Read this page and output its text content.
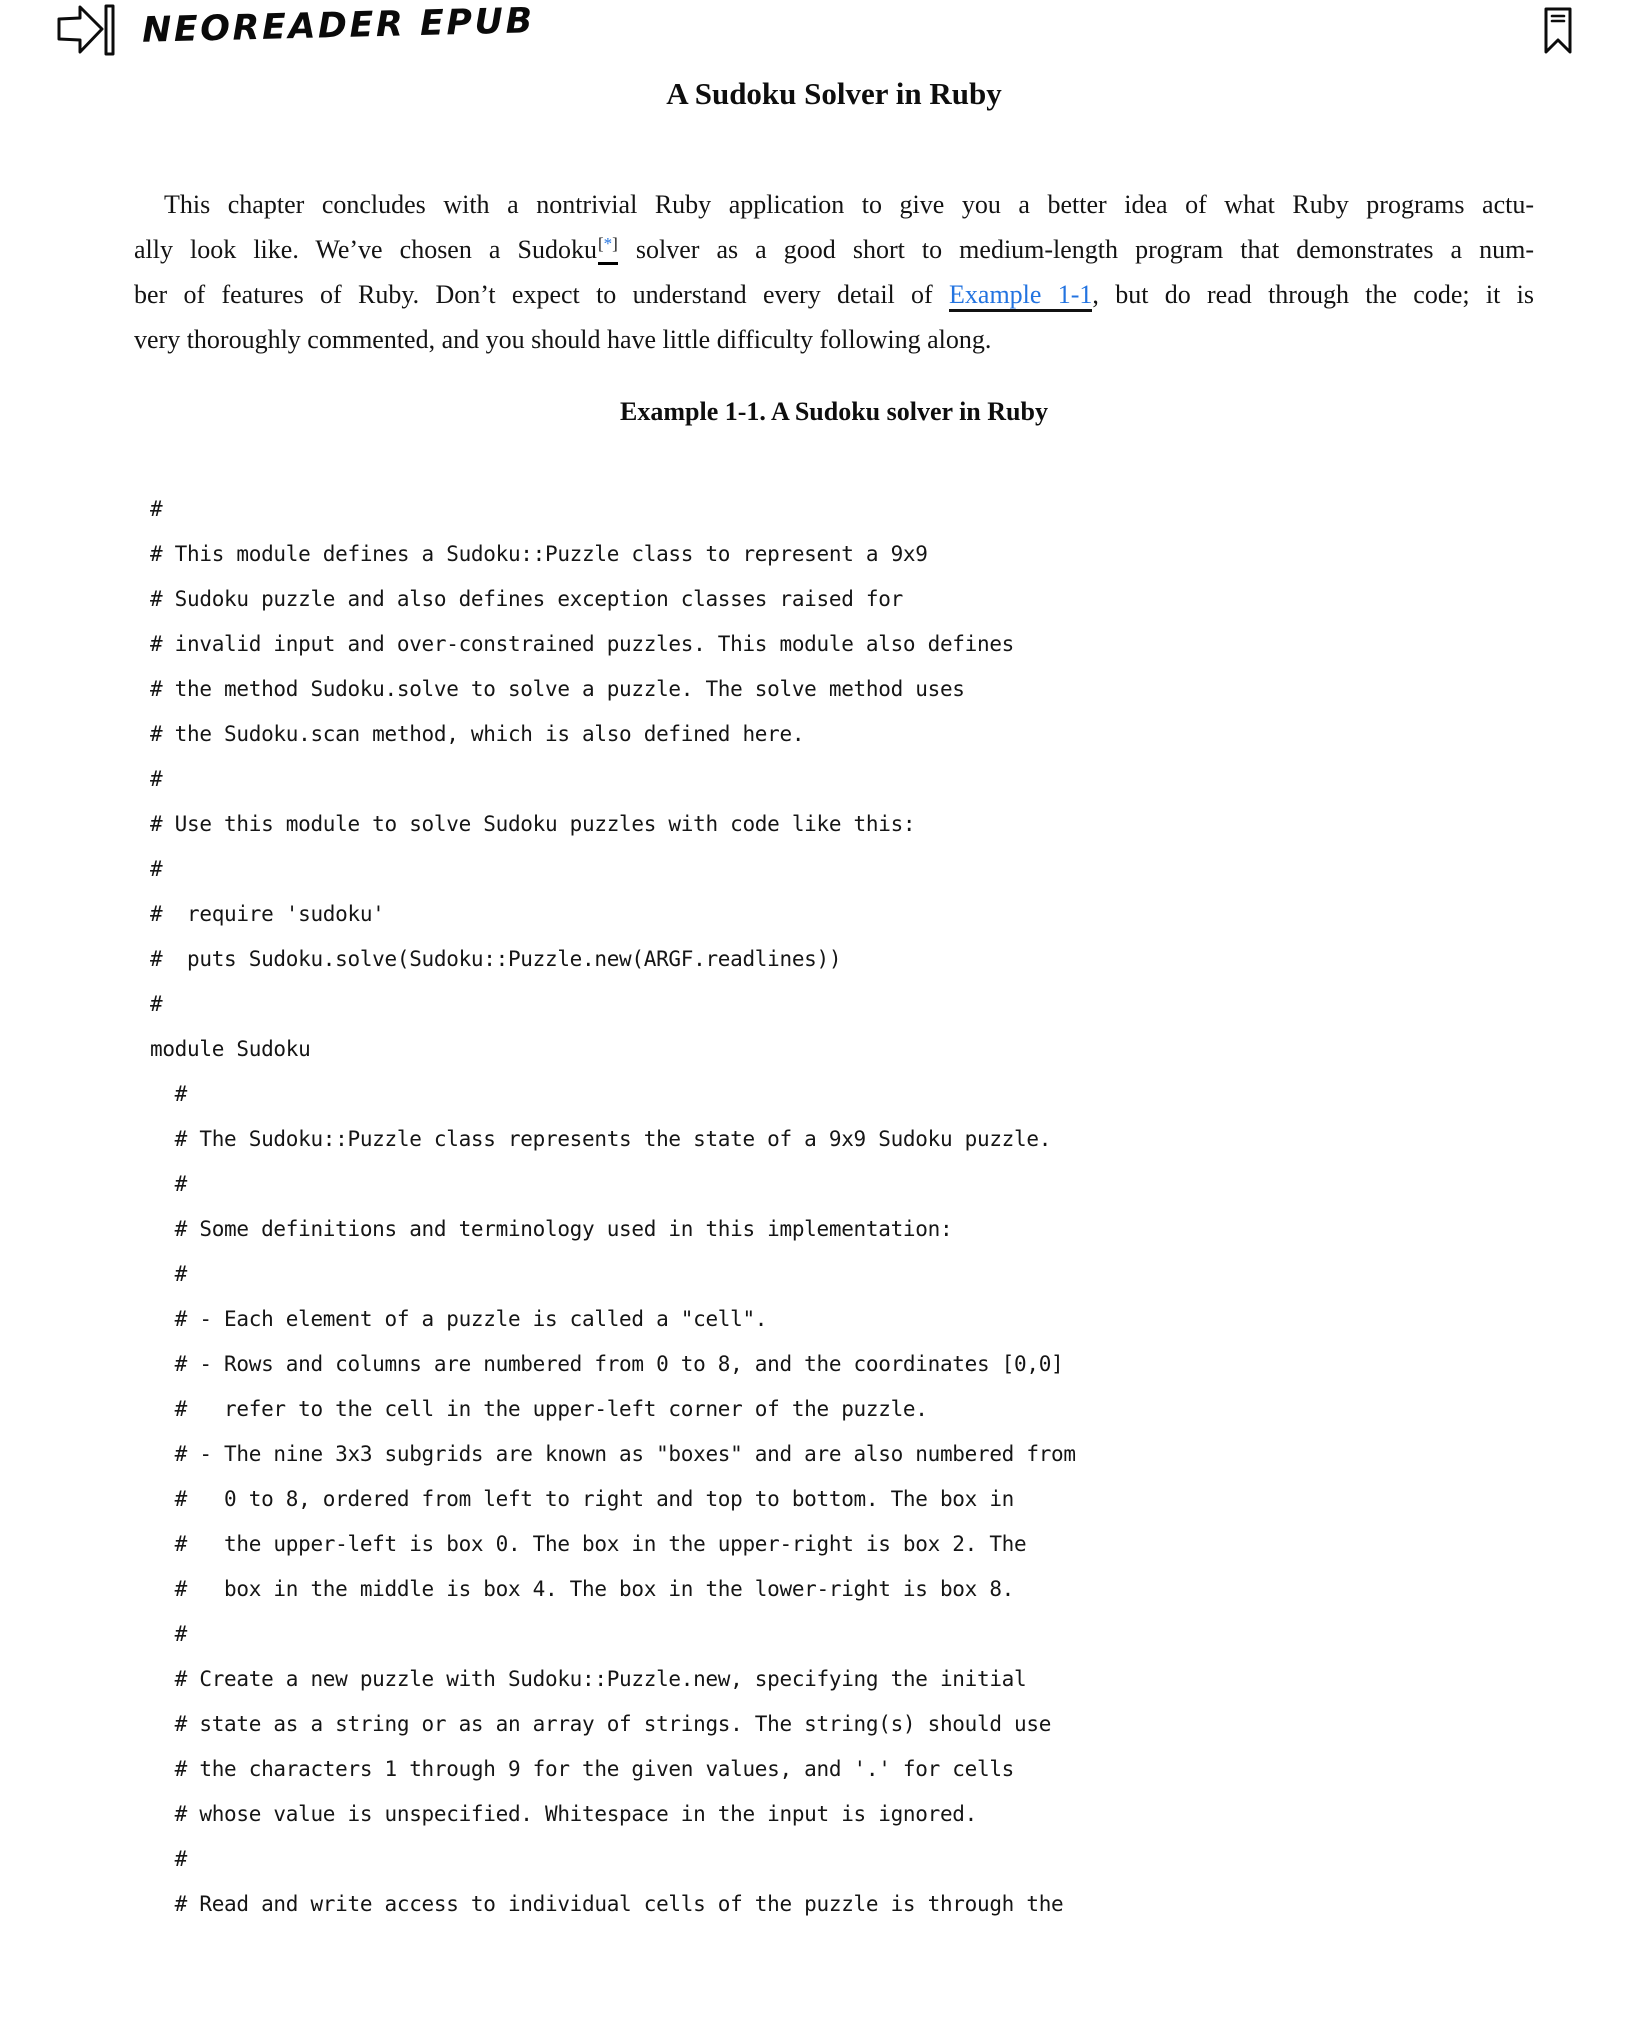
NEOREADER EPUB
A Sudoku Solver in Ruby
This chapter concludes with a nontrivial Ruby application to give you a better idea of what Ruby programs actu-
ally look like. We’ve chosen a Sudoku[*] solver as a good short to medium-length program that demonstrates a num-
ber of features of Ruby. Don’t expect to understand every detail of Example 1-1, but do read through the code; it is
very thoroughly commented, and you should have little difficulty following along.
Example 1-1. A Sudoku solver in Ruby
#
# This module defines a Sudoku::Puzzle class to represent a 9x9
# Sudoku puzzle and also defines exception classes raised for
# invalid input and over-constrained puzzles. This module also defines
# the method Sudoku.solve to solve a puzzle. The solve method uses
# the Sudoku.scan method, which is also defined here.
#
# Use this module to solve Sudoku puzzles with code like this:
#
#  require 'sudoku'
#  puts Sudoku.solve(Sudoku::Puzzle.new(ARGF.readlines))
#
module Sudoku
#
# The Sudoku::Puzzle class represents the state of a 9x9 Sudoku puzzle.
#
# Some definitions and terminology used in this implementation:
#
# - Each element of a puzzle is called a "cell".
# - Rows and columns are numbered from 0 to 8, and the coordinates [0,0]
#   refer to the cell in the upper-left corner of the puzzle.
# - The nine 3x3 subgrids are known as "boxes" and are also numbered from
#   0 to 8, ordered from left to right and top to bottom. The box in
#   the upper-left is box 0. The box in the upper-right is box 2. The
#   box in the middle is box 4. The box in the lower-right is box 8.
#
# Create a new puzzle with Sudoku::Puzzle.new, specifying the initial
# state as a string or as an array of strings. The string(s) should use
# the characters 1 through 9 for the given values, and '.' for cells
# whose value is unspecified. Whitespace in the input is ignored.
#
# Read and write access to individual cells of the puzzle is through the
